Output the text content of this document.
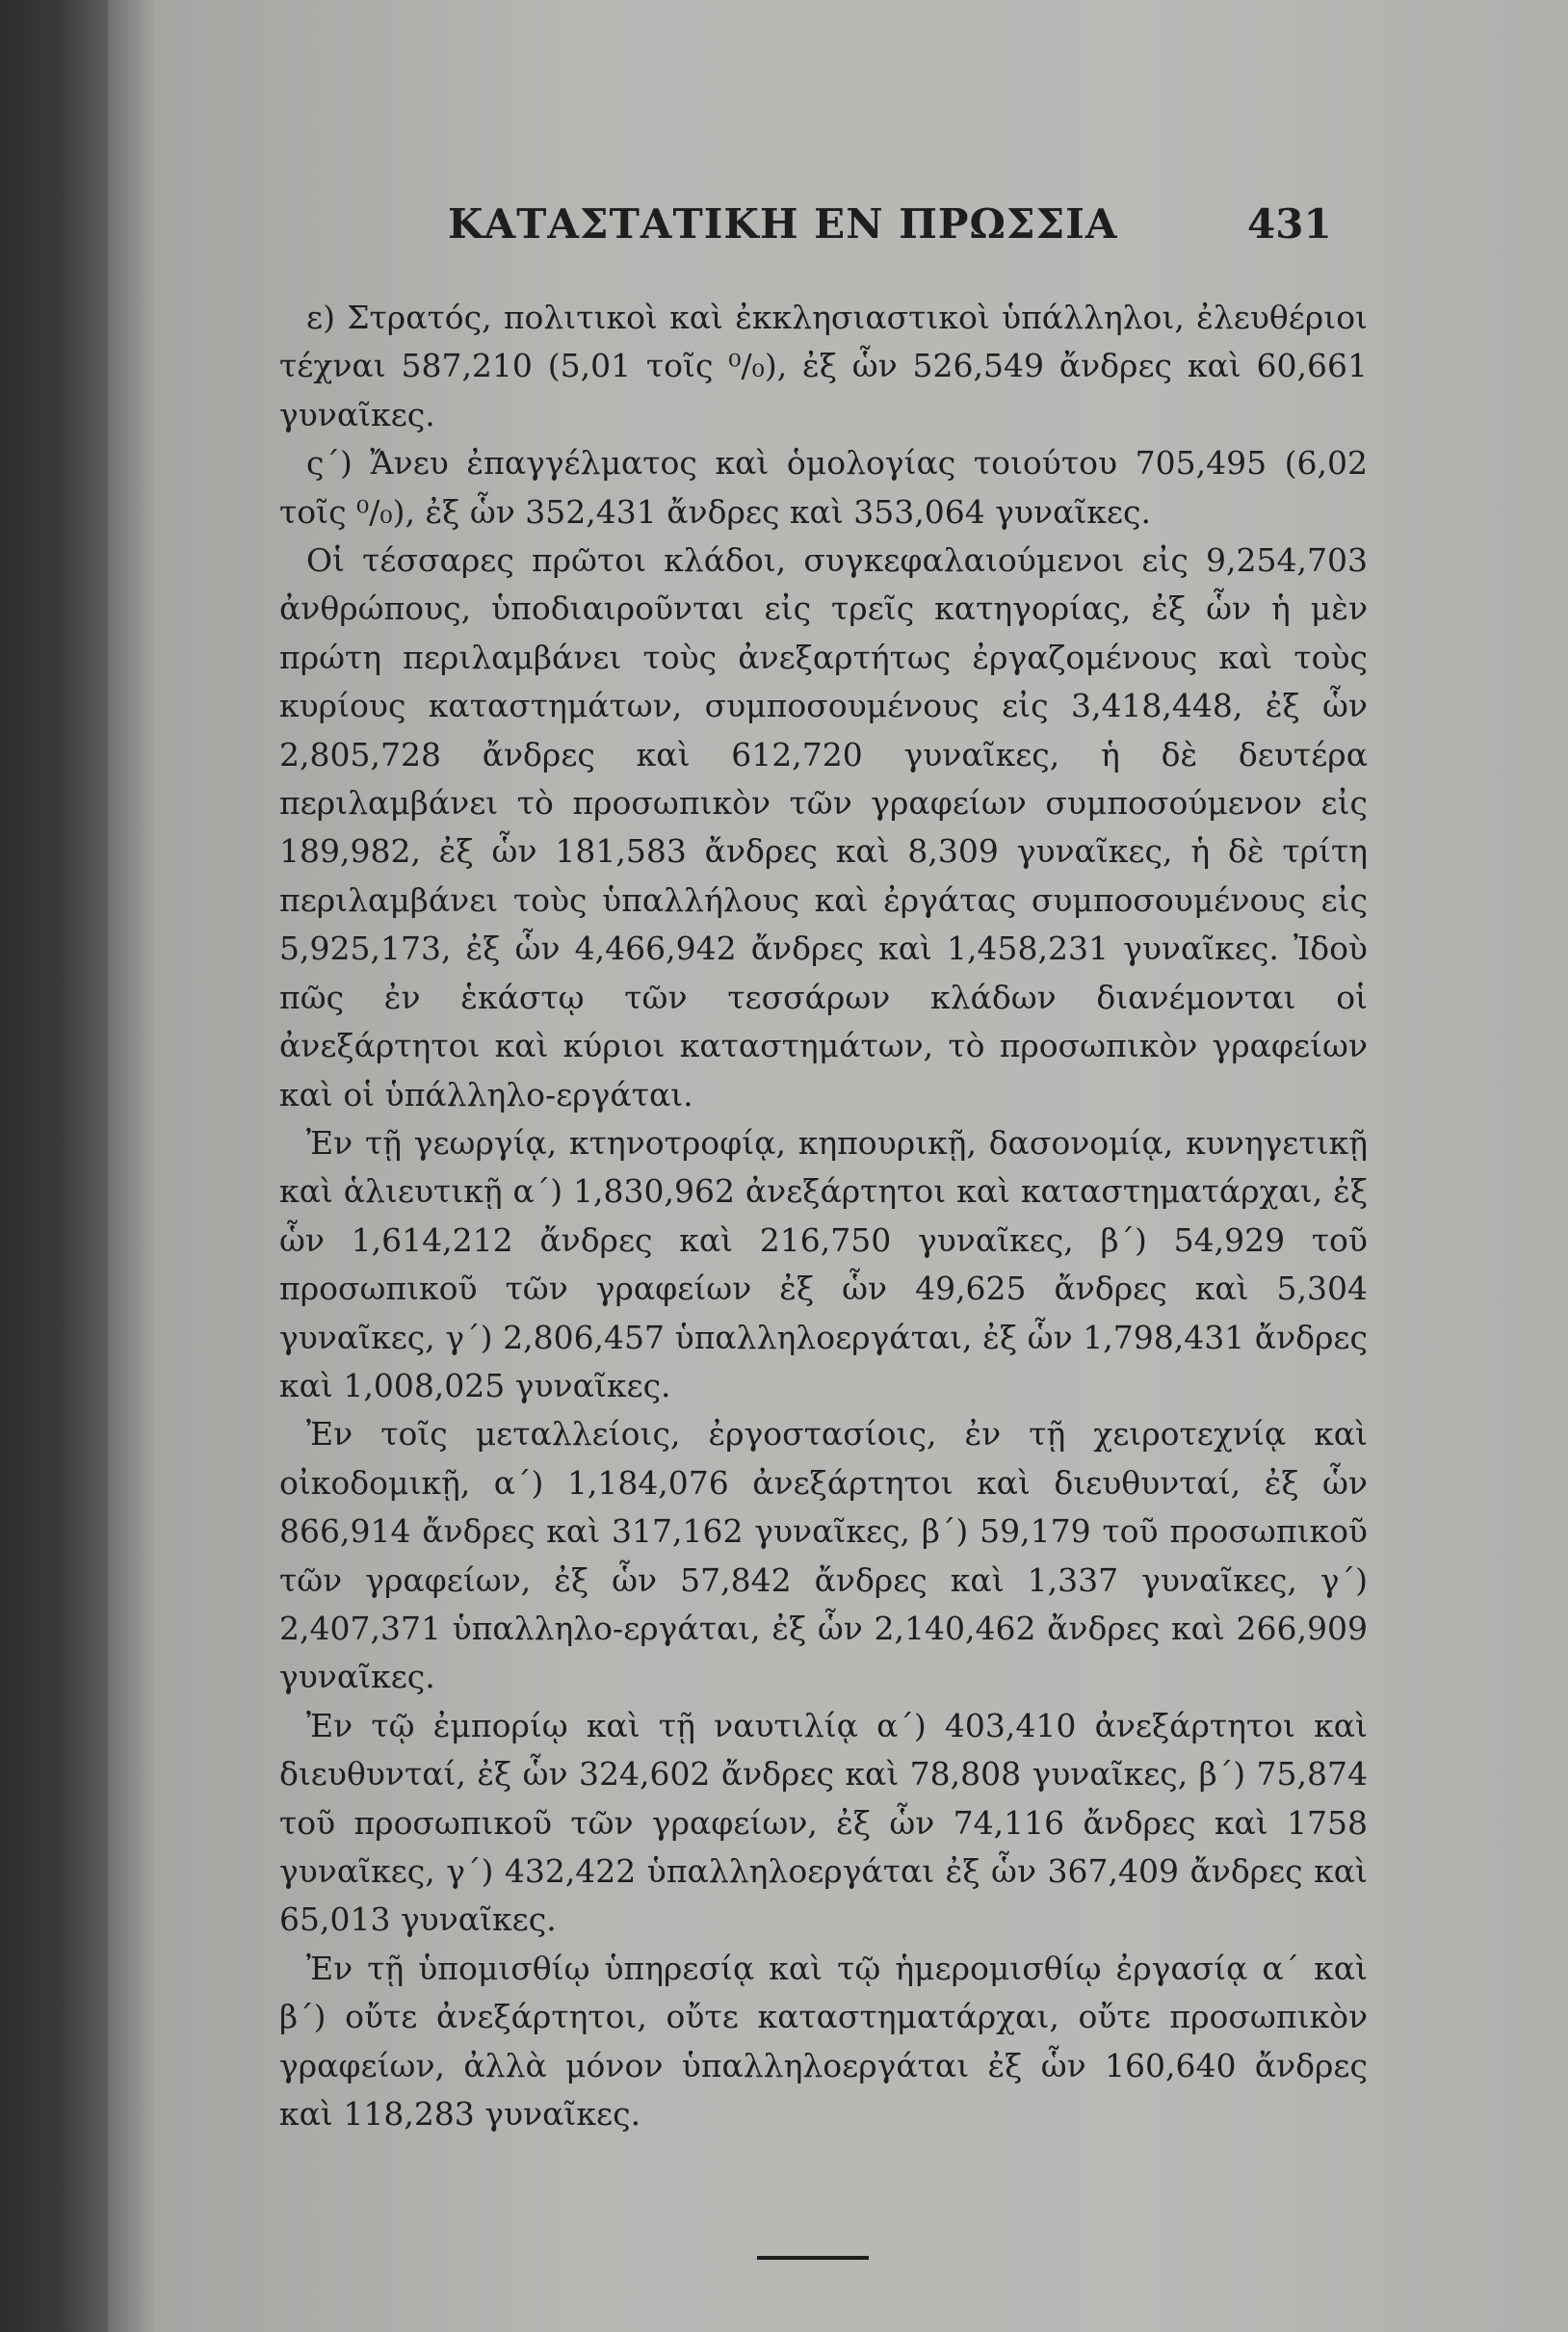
ΚΑΤΑΣΤΑΤΙΚΗ ΕΝ ΠΡΩΣΣΙΑ	431

ε) Στρατός, πολιτικοὶ καὶ ἐκκλησιαστικοὶ ὑπάλληλοι, ἐλευθέριοι τέχναι 587,210 (5,01 τοῖς ⁰/₀), ἐξ ὧν 526,549 ἄνδρες καὶ 60,661 γυναῖκες.

ς΄) Ἄνευ ἐπαγγέλματος καὶ ὁμολογίας τοιούτου 705,495 (6,02 τοῖς ⁰/₀), ἐξ ὧν 352,431 ἄνδρες καὶ 353,064 γυναῖκες.

Οἱ τέσσαρες πρῶτοι κλάδοι, συγκεφαλαιούμενοι εἰς 9,254,703 ἀνθρώπους, ὑποδιαιροῦνται εἰς τρεῖς κατηγορίας, ἐξ ὧν ἡ μὲν πρώτη περιλαμβάνει τοὺς ἀνεξαρτήτως ἐργαζομένους καὶ τοὺς κυρίους καταστημάτων, συμποσουμένους εἰς 3,418,448, ἐξ ὧν 2,805,728 ἄνδρες καὶ 612,720 γυναῖκες, ἡ δὲ δευτέρα περιλαμβάνει τὸ προσωπικὸν τῶν γραφείων συμποσούμενον εἰς 189,982, ἐξ ὧν 181,583 ἄνδρες καὶ 8,309 γυναῖκες, ἡ δὲ τρίτη περιλαμβάνει τοὺς ὑπαλλήλους καὶ ἐργάτας συμποσουμένους εἰς 5,925,173, ἐξ ὧν 4,466,942 ἄνδρες καὶ 1,458,231 γυναῖκες. Ἰδοὺ πῶς ἐν ἑκάστῳ τῶν τεσσάρων κλάδων διανέμονται οἱ ἀνεξάρτητοι καὶ κύριοι καταστημάτων, τὸ προσωπικὸν γραφείων καὶ οἱ ὑπάλληλο-εργάται.

Ἐν τῇ γεωργίᾳ, κτηνοτροφίᾳ, κηπουρικῇ, δασονομίᾳ, κυνηγετικῇ καὶ ἁλιευτικῇ α΄) 1,830,962 ἀνεξάρτητοι καὶ καταστηματάρχαι, ἐξ ὧν 1,614,212 ἄνδρες καὶ 216,750 γυναῖκες, β΄) 54,929 τοῦ προσωπικοῦ τῶν γραφείων ἐξ ὧν 49,625 ἄνδρες καὶ 5,304 γυναῖκες, γ΄) 2,806,457 ὑπαλληλοεργάται, ἐξ ὧν 1,798,431 ἄνδρες καὶ 1,008,025 γυναῖκες.

Ἐν τοῖς μεταλλείοις, ἐργοστασίοις, ἐν τῇ χειροτεχνίᾳ καὶ οἰκοδομικῇ, α΄) 1,184,076 ἀνεξάρτητοι καὶ διευθυνταί, ἐξ ὧν 866,914 ἄνδρες καὶ 317,162 γυναῖκες, β΄) 59,179 τοῦ προσωπικοῦ τῶν γραφείων, ἐξ ὧν 57,842 ἄνδρες καὶ 1,337 γυναῖκες, γ΄) 2,407,371 ὑπαλληλο-εργάται, ἐξ ὧν 2,140,462 ἄνδρες καὶ 266,909 γυναῖκες.

Ἐν τῷ ἐμπορίῳ καὶ τῇ ναυτιλίᾳ α΄) 403,410 ἀνεξάρτητοι καὶ διευθυνταί, ἐξ ὧν 324,602 ἄνδρες καὶ 78,808 γυναῖκες, β΄) 75,874 τοῦ προσωπικοῦ τῶν γραφείων, ἐξ ὧν 74,116 ἄνδρες καὶ 1758 γυναῖκες, γ΄) 432,422 ὑπαλληλοεργάται ἐξ ὧν 367,409 ἄνδρες καὶ 65,013 γυναῖκες.

Ἐν τῇ ὑπομισθίῳ ὑπηρεσίᾳ καὶ τῷ ἡμερομισθίῳ ἐργασίᾳ α΄ καὶ β΄) οὔτε ἀνεξάρτητοι, οὔτε καταστηματάρχαι, οὔτε προσωπικὸν γραφείων, ἀλλὰ μόνον ὑπαλληλοεργάται ἐξ ὧν 160,640 ἄνδρες καὶ 118,283 γυναῖκες.
